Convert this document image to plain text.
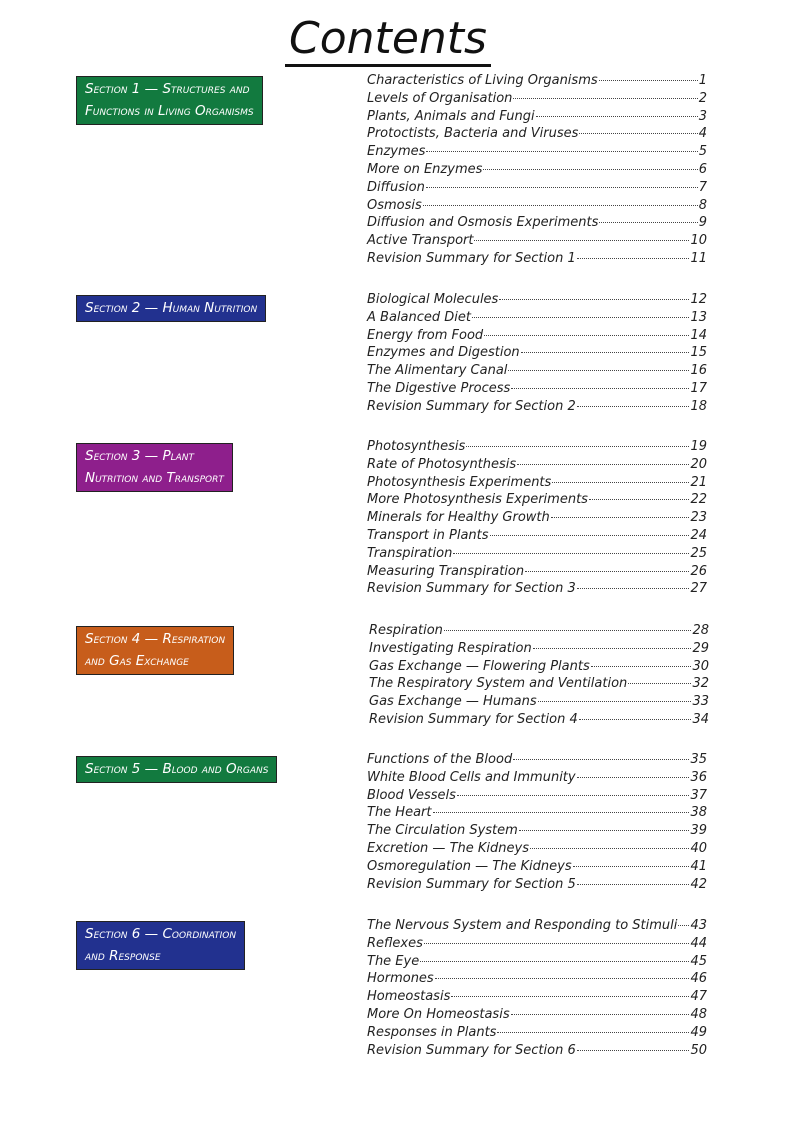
Contents
Section 1 — Structures and
Functions in Living Organisms
Characteristics of Living Organisms	1
Levels of Organisation	2
Plants, Animals and Fungi	3
Protoctists, Bacteria and Viruses	4
Enzymes	5
More on Enzymes	6
Diffusion	7
Osmosis	8
Diffusion and Osmosis Experiments	9
Active Transport	10
Revision Summary for Section 1	11
Section 2 — Human Nutrition
Biological Molecules	12
A Balanced Diet	13
Energy from Food	14
Enzymes and Digestion	15
The Alimentary Canal	16
The Digestive Process	17
Revision Summary for Section 2	18
Section 3 — Plant
Nutrition and Transport
Photosynthesis	19
Rate of Photosynthesis	20
Photosynthesis Experiments	21
More Photosynthesis Experiments	22
Minerals for Healthy Growth	23
Transport in Plants	24
Transpiration	25
Measuring Transpiration	26
Revision Summary for Section 3	27
Section 4 — Respiration
and Gas Exchange
Respiration	28
Investigating Respiration	29
Gas Exchange — Flowering Plants	30
The Respiratory System and Ventilation	32
Gas Exchange — Humans	33
Revision Summary for Section 4	34
Section 5 — Blood and Organs
Functions of the Blood	35
White Blood Cells and Immunity	36
Blood Vessels	37
The Heart	38
The Circulation System	39
Excretion — The Kidneys	40
Osmoregulation — The Kidneys	41
Revision Summary for Section 5	42
Section 6 — Coordination
and Response
The Nervous System and Responding to Stimuli 43
Reflexes	44
The Eye	45
Hormones	46
Homeostasis	47
More On Homeostasis	48
Responses in Plants	49
Revision Summary for Section 6	50
